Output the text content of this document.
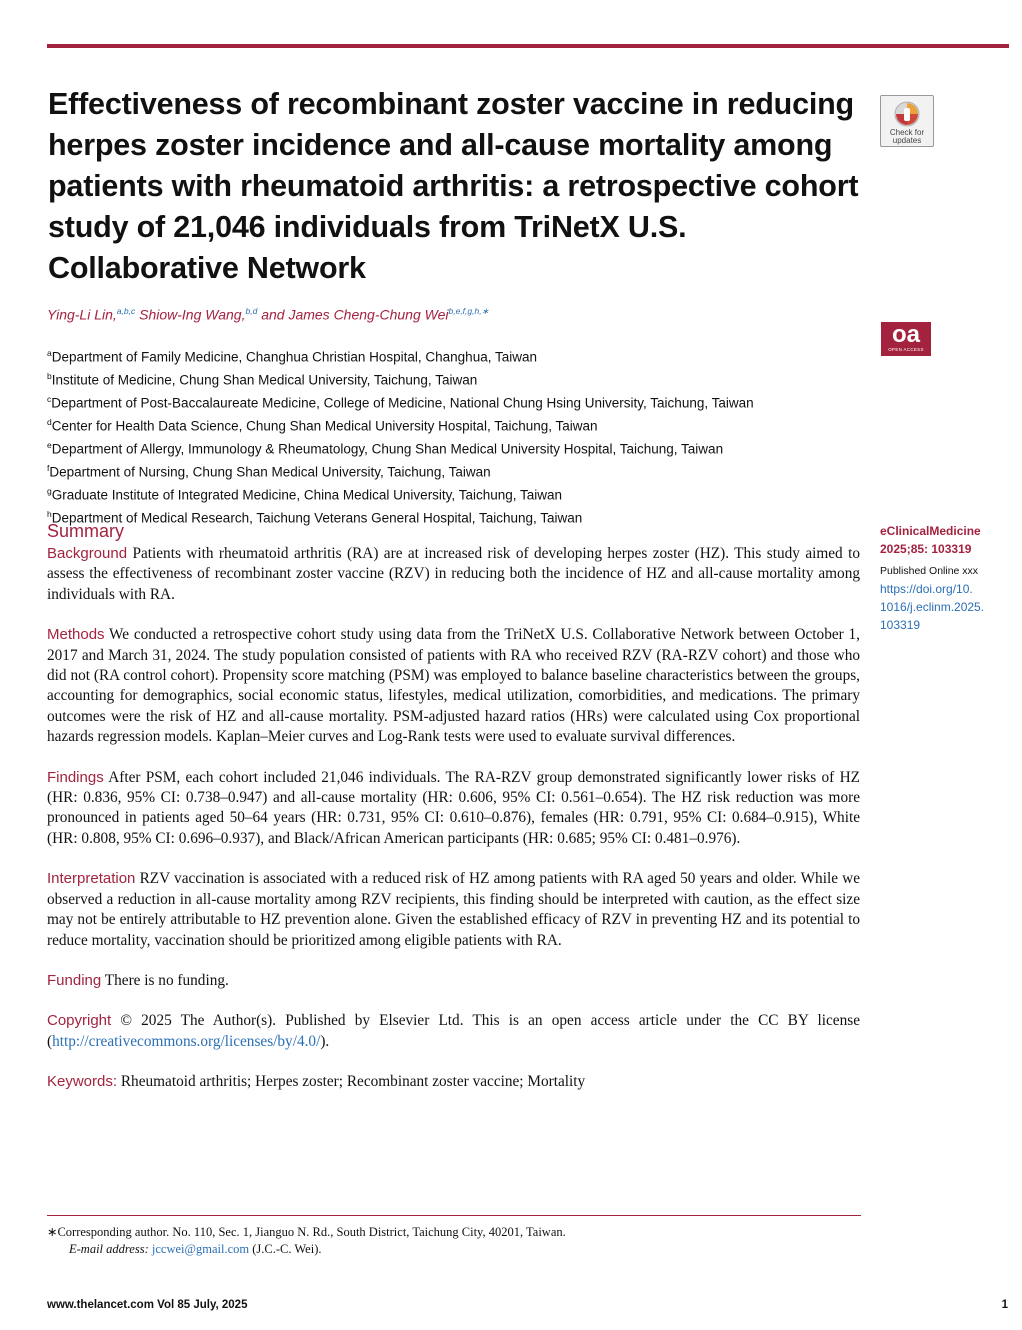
Effectiveness of recombinant zoster vaccine in reducing herpes zoster incidence and all-cause mortality among patients with rheumatoid arthritis: a retrospective cohort study of 21,046 individuals from TriNetX U.S. Collaborative Network
Check for updates
Ying-Li Lin,$^{a,b,c}$ Shiow-Ing Wang,$^{b,d}$ and James Cheng-Chung Wei$^{b,e,f,g,h,∗}$
oa
OPEN ACCESS
$^a$Department of Family Medicine, Changhua Christian Hospital, Changhua, Taiwan
$^b$Institute of Medicine, Chung Shan Medical University, Taichung, Taiwan
$^c$Department of Post-Baccalaureate Medicine, College of Medicine, National Chung Hsing University, Taichung, Taiwan
$^d$Center for Health Data Science, Chung Shan Medical University Hospital, Taichung, Taiwan
$^e$Department of Allergy, Immunology & Rheumatology, Chung Shan Medical University Hospital, Taichung, Taiwan
$^f$Department of Nursing, Chung Shan Medical University, Taichung, Taiwan
$^g$Graduate Institute of Integrated Medicine, China Medical University, Taichung, Taiwan
$^h$Department of Medical Research, Taichung Veterans General Hospital, Taichung, Taiwan
eClinicalMedicine
2025;85: 103319
Published Online xxx
https://doi.org/10.
1016/j.eclinm.2025.
103319
Summary

Background Patients with rheumatoid arthritis (RA) are at increased risk of developing herpes zoster (HZ). This study aimed to assess the effectiveness of recombinant zoster vaccine (RZV) in reducing both the incidence of HZ and all-cause mortality among individuals with RA.

Methods We conducted a retrospective cohort study using data from the TriNetX U.S. Collaborative Network between October 1, 2017 and March 31, 2024. The study population consisted of patients with RA who received RZV (RA-RZV cohort) and those who did not (RA control cohort). Propensity score matching (PSM) was employed to balance baseline characteristics between the groups, accounting for demographics, social economic status, lifestyles, medical utilization, comorbidities, and medications. The primary outcomes were the risk of HZ and all-cause mortality. PSM-adjusted hazard ratios (HRs) were calculated using Cox proportional hazards regression models. Kaplan–Meier curves and Log-Rank tests were used to evaluate survival differences.

Findings After PSM, each cohort included 21,046 individuals. The RA-RZV group demonstrated significantly lower risks of HZ (HR: 0.836, 95% CI: 0.738–0.947) and all-cause mortality (HR: 0.606, 95% CI: 0.561–0.654). The HZ risk reduction was more pronounced in patients aged 50–64 years (HR: 0.731, 95% CI: 0.610–0.876), females (HR: 0.791, 95% CI: 0.684–0.915), White (HR: 0.808, 95% CI: 0.696–0.937), and Black/African American participants (HR: 0.685; 95% CI: 0.481–0.976).

Interpretation RZV vaccination is associated with a reduced risk of HZ among patients with RA aged 50 years and older. While we observed a reduction in all-cause mortality among RZV recipients, this finding should be interpreted with caution, as the effect size may not be entirely attributable to HZ prevention alone. Given the established efficacy of RZV in preventing HZ and its potential to reduce mortality, vaccination should be prioritized among eligible patients with RA.

Funding There is no funding.

Copyright © 2025 The Author(s). Published by Elsevier Ltd. This is an open access article under the CC BY license (http://creativecommons.org/licenses/by/4.0/).

Keywords: Rheumatoid arthritis; Herpes zoster; Recombinant zoster vaccine; Mortality

∗Corresponding author. No. 110, Sec. 1, Jianguo N. Rd., South District, Taichung City, 40201, Taiwan.
E-mail address: jccwei@gmail.com (J.C.-C. Wei).
www.thelancet.com Vol 85 July, 2025	1
